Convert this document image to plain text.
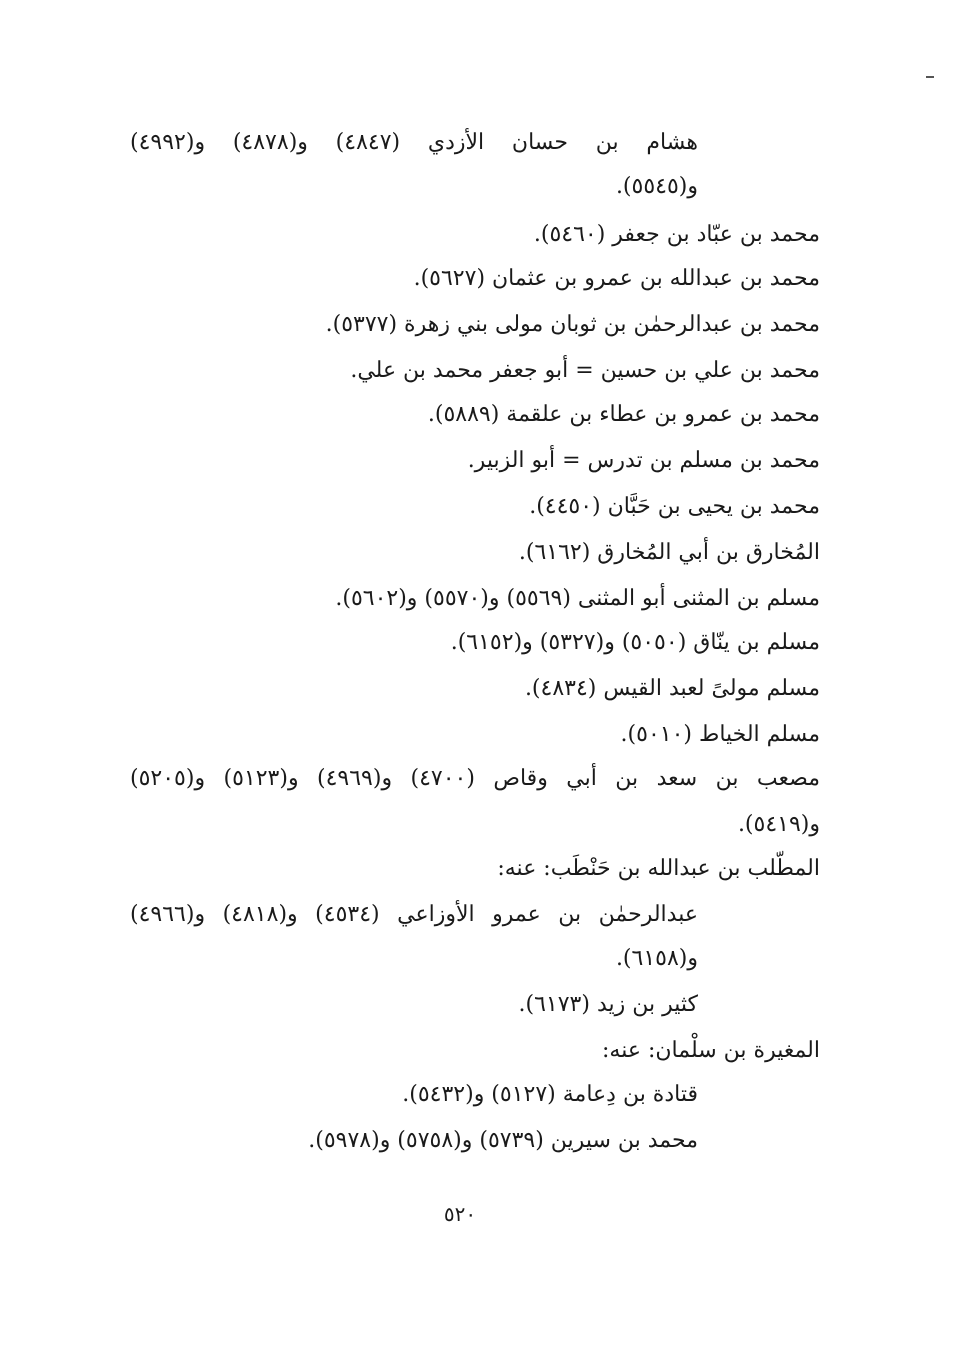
هشام بن حسان الأزدي (٤٨٤٧) و(٤٨٧٨) و(٤٩٩٢)
و(٥٥٤٥).
محمد بن عبّاد بن جعفر (٥٤٦٠).
محمد بن عبدالله بن عمرو بن عثمان (٥٦٢٧).
محمد بن عبدالرحمٰن بن ثوبان مولى بني زهرة (٥٣٧٧).
محمد بن علي بن حسين = أبو جعفر محمد بن علي.
محمد بن عمرو بن عطاء بن علقمة (٥٨٨٩).
محمد بن مسلم بن تدرس = أبو الزبير.
محمد بن يحيى بن حَبَّان (٤٤٥٠).
المُخارق بن أبي المُخارق (٦١٦٢).
مسلم بن المثنى أبو المثنى (٥٥٦٩) و(٥٥٧٠) و(٥٦٠٢).
مسلم بن ينّاق (٥٠٥٠) و(٥٣٢٧) و(٦١٥٢).
مسلم مولىً لعبد القيس (٤٨٣٤).
مسلم الخياط (٥٠١٠).
مصعب بن سعد بن أبي وقاص (٤٧٠٠) و(٤٩٦٩) و(٥١٢٣) و(٥٢٠٥)
و(٥٤١٩).
المطّلب بن عبدالله بن حَنْطَب: عنه:
عبدالرحمٰن بن عمرو الأوزاعي (٤٥٣٤) و(٤٨١٨) و(٤٩٦٦)
و(٦١٥٨).
كثير بن زيد (٦١٧٣).
المغيرة بن سلْمان: عنه:
قتادة بن دِعامة (٥١٢٧) و(٥٤٣٢).
محمد بن سيرين (٥٧٣٩) و(٥٧٥٨) و(٥٩٧٨).
٥٢٠
